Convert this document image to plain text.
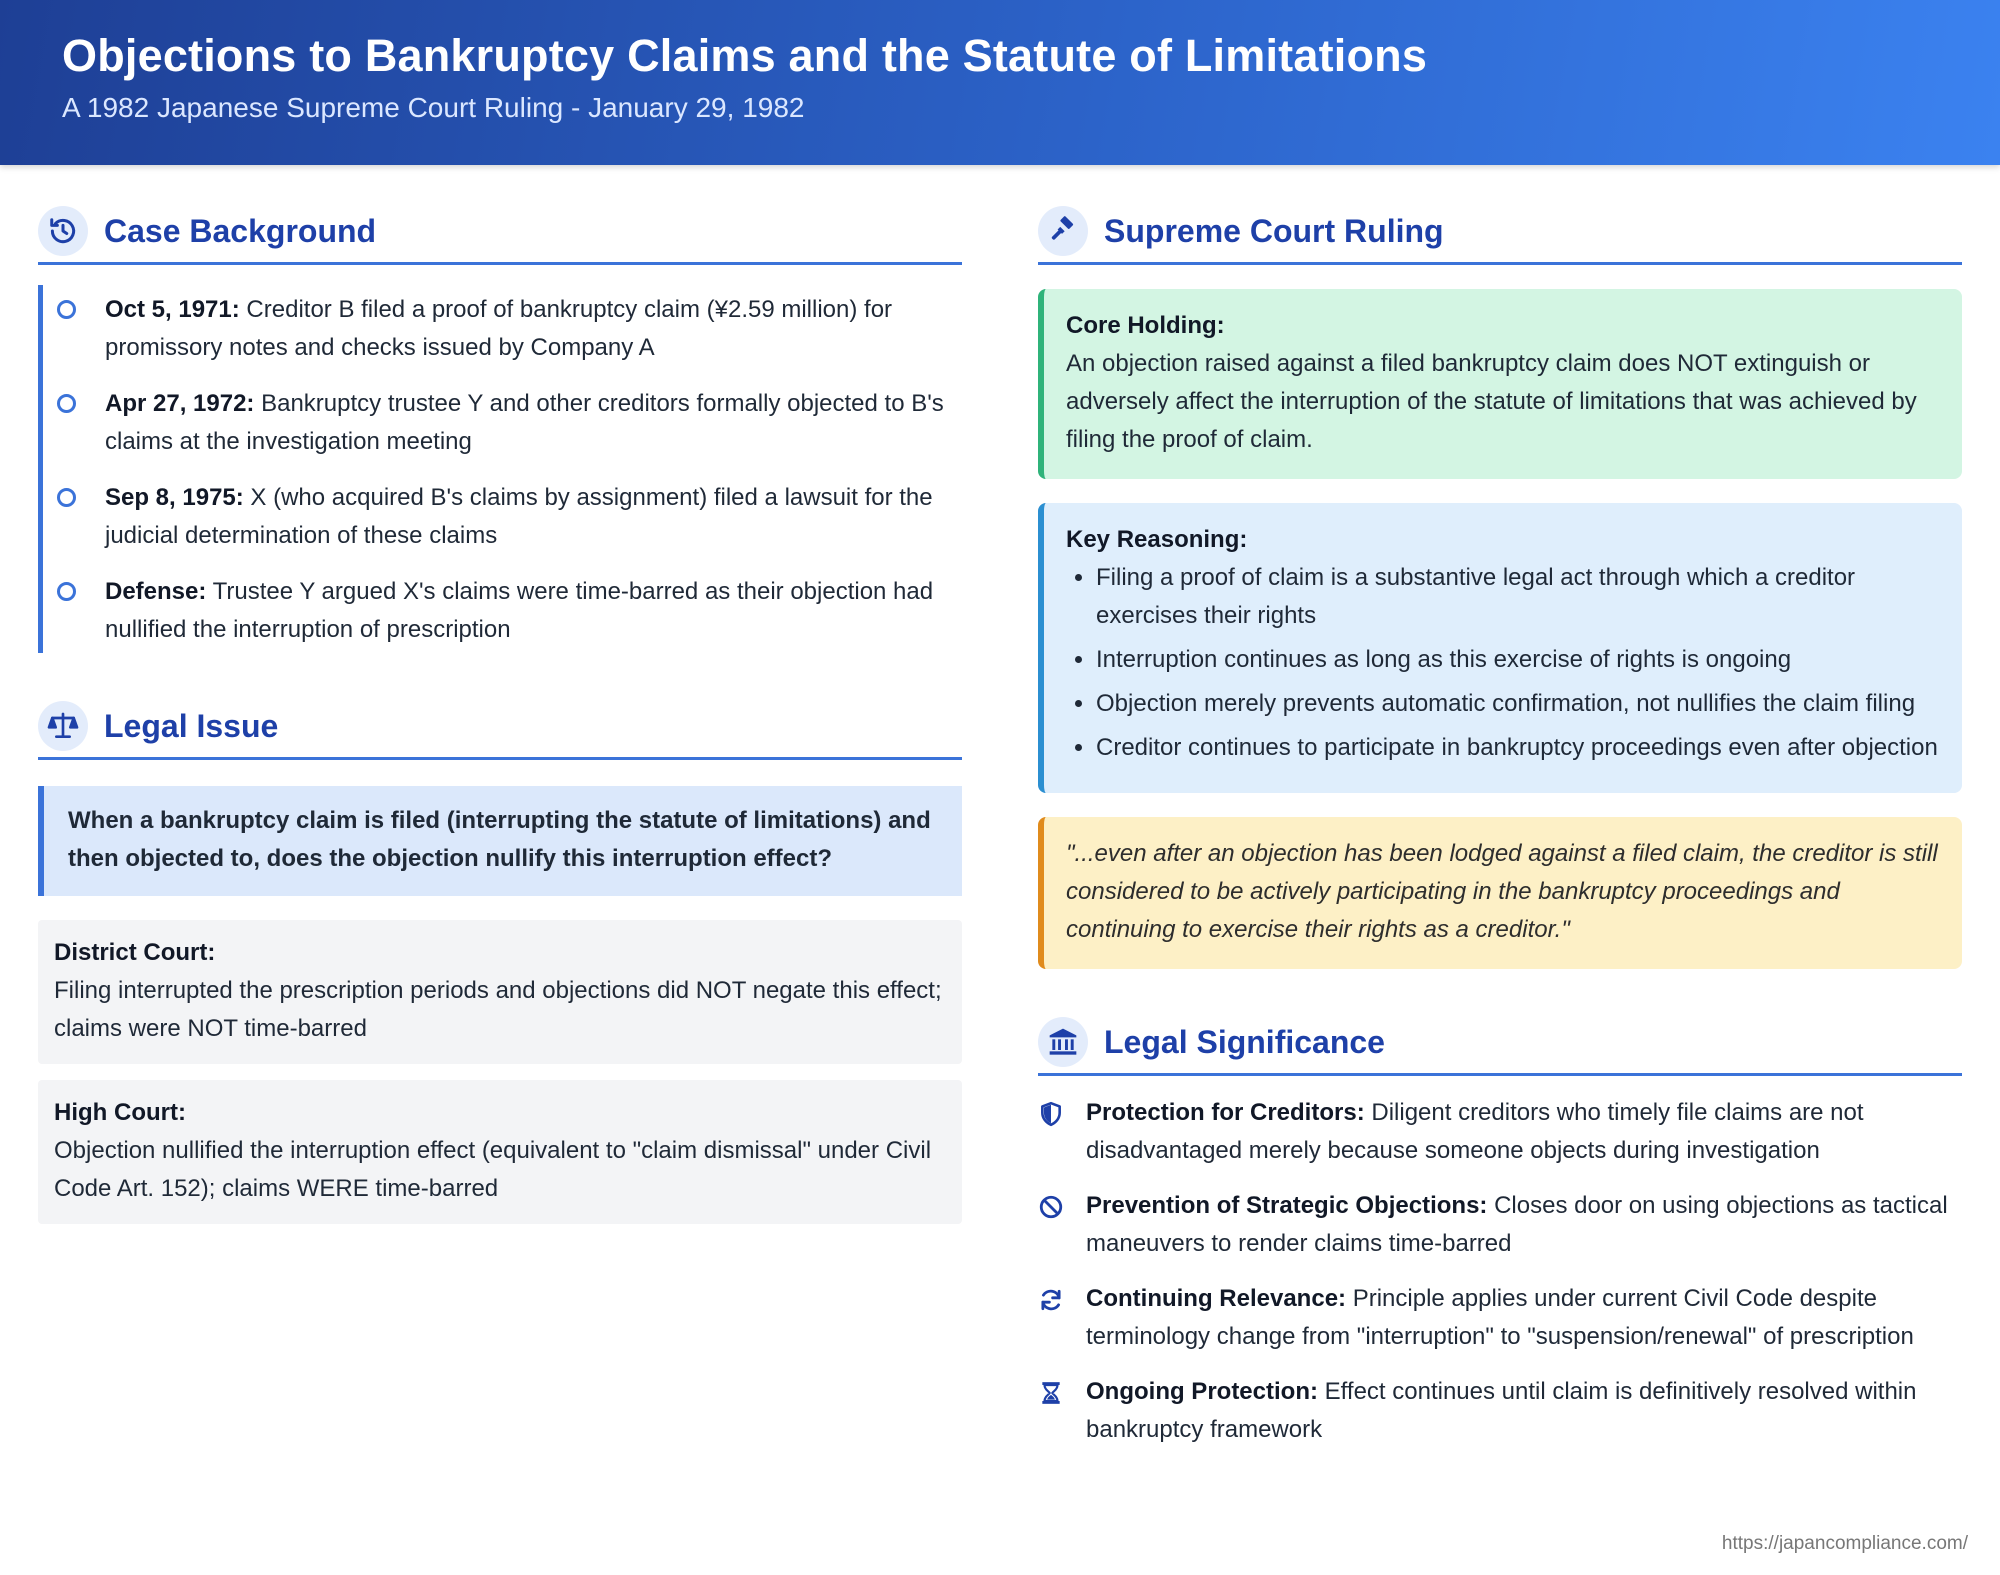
Objections to Bankruptcy Claims and the Statute of Limitations
A 1982 Japanese Supreme Court Ruling - January 29, 1982
Case Background
Oct 5, 1971: Creditor B filed a proof of bankruptcy claim (¥2.59 million) for promissory notes and checks issued by Company A
Apr 27, 1972: Bankruptcy trustee Y and other creditors formally objected to B's claims at the investigation meeting
Sep 8, 1975: X (who acquired B's claims by assignment) filed a lawsuit for the judicial determination of these claims
Defense: Trustee Y argued X's claims were time-barred as their objection had nullified the interruption of prescription
Legal Issue
When a bankruptcy claim is filed (interrupting the statute of limitations) and then objected to, does the objection nullify this interruption effect?
District Court:
Filing interrupted the prescription periods and objections did NOT negate this effect; claims were NOT time-barred
High Court:
Objection nullified the interruption effect (equivalent to "claim dismissal" under Civil Code Art. 152); claims WERE time-barred
Supreme Court Ruling
Core Holding:
An objection raised against a filed bankruptcy claim does NOT extinguish or adversely affect the interruption of the statute of limitations that was achieved by filing the proof of claim.
Key Reasoning:
• Filing a proof of claim is a substantive legal act through which a creditor exercises their rights
• Interruption continues as long as this exercise of rights is ongoing
• Objection merely prevents automatic confirmation, not nullifies the claim filing
• Creditor continues to participate in bankruptcy proceedings even after objection
"...even after an objection has been lodged against a filed claim, the creditor is still considered to be actively participating in the bankruptcy proceedings and continuing to exercise their rights as a creditor."
Legal Significance
Protection for Creditors: Diligent creditors who timely file claims are not disadvantaged merely because someone objects during investigation
Prevention of Strategic Objections: Closes door on using objections as tactical maneuvers to render claims time-barred
Continuing Relevance: Principle applies under current Civil Code despite terminology change from "interruption" to "suspension/renewal" of prescription
Ongoing Protection: Effect continues until claim is definitively resolved within bankruptcy framework
https://japancompliance.com/
